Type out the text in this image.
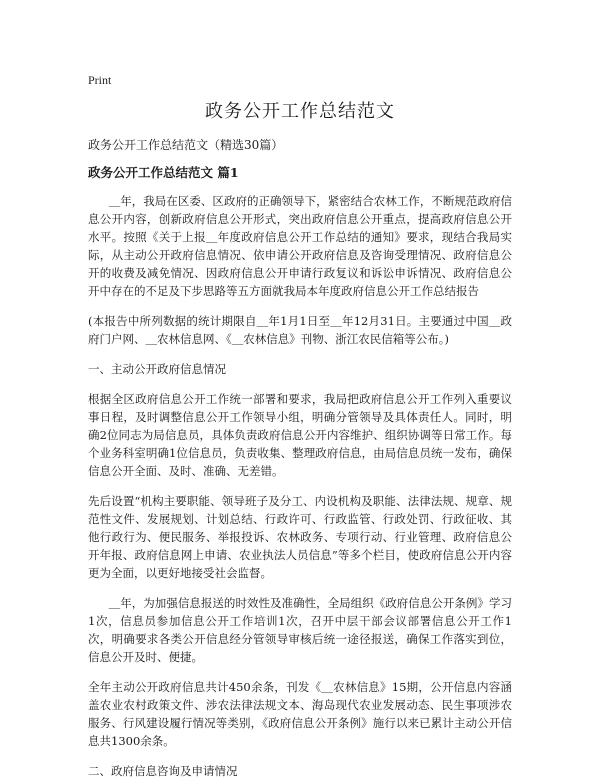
Print
政务公开工作总结范文
政务公开工作总结范文（精选30篇）
政务公开工作总结范文 篇1

＿年，我局在区委、区政府的正确领导下，紧密结合农林工作，不断规范政府信息公开内容，创新政府信息公开形式，突出政府信息公开重点，提高政府信息公开水平。按照《关于上报＿年度政府信息公开工作总结的通知》要求，现结合我局实际，从主动公开政府信息情况、依申请公开政府信息及咨询受理情况、政府信息公开的收费及减免情况、因政府信息公开申请行政复议和诉讼申诉情况、政府信息公开中存在的不足及下步思路等五方面就我局本年度政府信息公开工作总结报告

(本报告中所列数据的统计期限自＿年1月1日至＿年12月31日。主要通过中国＿政府门户网、＿农林信息网、《＿农林信息》刊物、浙江农民信箱等公布。)

一、主动公开政府信息情况

根据全区政府信息公开工作统一部署和要求，我局把政府信息公开工作列入重要议事日程，及时调整信息公开工作领导小组，明确分管领导及具体责任人。同时，明确2位同志为局信息员，具体负责政府信息公开内容维护、组织协调等日常工作。每个业务科室明确1位信息员，负责收集、整理政府信息，由局信息员统一发布，确保信息公开全面、及时、准确、无差错。

先后设置“机构主要职能、领导班子及分工、内设机构及职能、法律法规、规章、规范性文件、发展规划、计划总结、行政许可、行政监管、行政处罚、行政征收、其他行政行为、便民服务、举报投诉、农林政务、专项行动、行业管理、政府信息公开年报、政府信息网上申请、农业执法人员信息”等多个栏目，使政府信息公开内容更为全面，以更好地接受社会监督。

＿年，为加强信息报送的时效性及准确性，全局组织《政府信息公开条例》学习1次，信息员参加信息公开工作培训1次，召开中层干部会议部署信息公开工作1次，明确要求各类公开信息经分管领导审核后统一途径报送，确保工作落实到位，信息公开及时、便捷。

全年主动公开政府信息共计450余条，刊发《＿农林信息》15期，公开信息内容涵盖农业农村政策文件、涉农法律法规文本、海岛现代农业发展动态、民生事项涉农服务、行风建设履行情况等类别，《政府信息公开条例》施行以来已累计主动公开信息共1300余条。

二、政府信息咨询及申请情况
